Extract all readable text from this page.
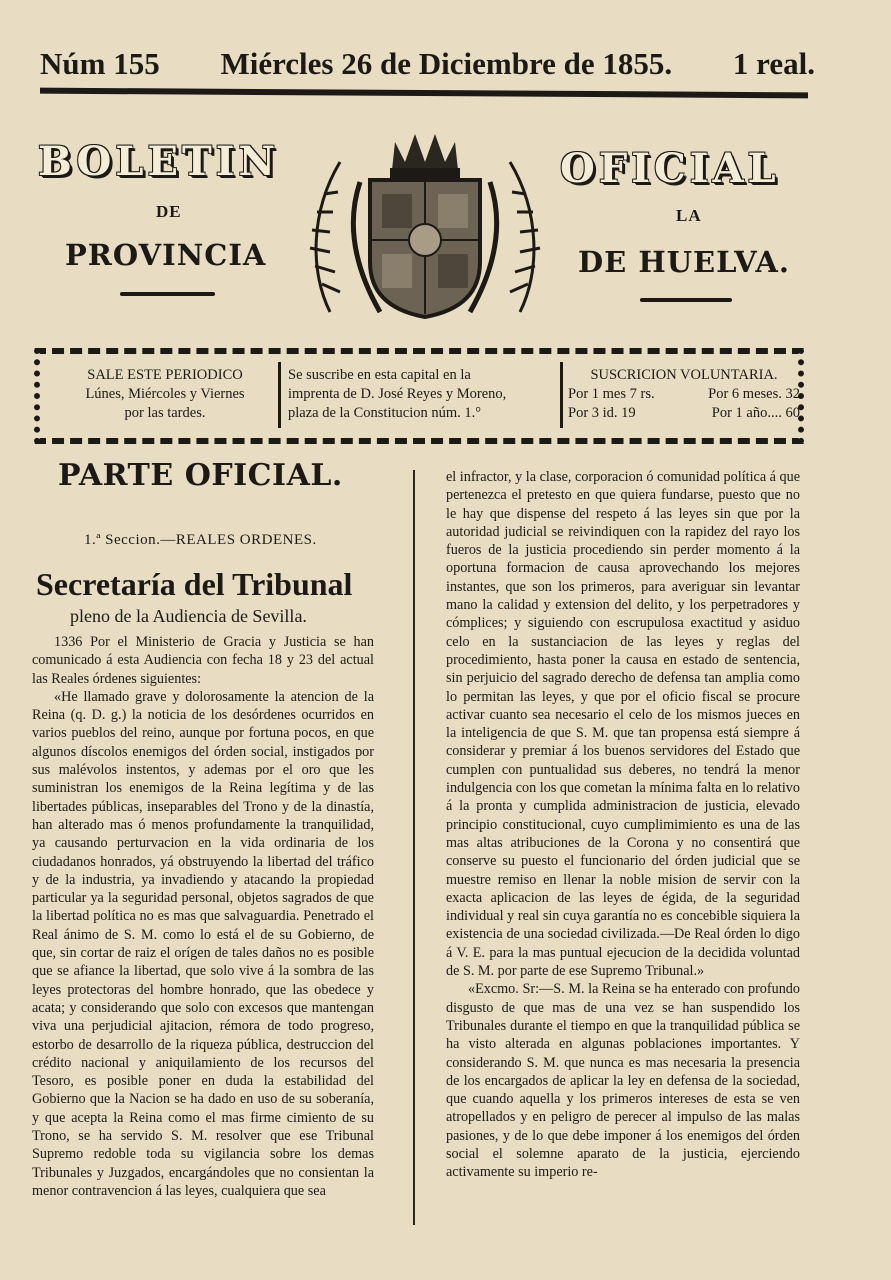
Núm 155	Miércles 26 de Diciembre de 1855.	1 real.
BOLETIN	OFICIAL
DE	LA
PROVINCIA	DE HUELVA.
SALE ESTE PERIODICO
Lúnes, Miércoles y Viernes
por las tardes.
Se suscribe en esta capital en la
imprenta de D. José Reyes y Moreno,
plaza de la Constitucion núm. 1.°
SUSCRICION VOLUNTARIA.
Por 1 mes 7 rs.	Por 6 meses. 32
Por 3 id. 19	Por 1 año.... 60
PARTE OFICIAL.
1.ª Seccion.—REALES ORDENES.
Secretaría del Tribunal
pleno de la Audiencia de Sevilla.

1336 Por el Ministerio de Gracia y Justicia se han comunicado á esta Audiencia con fecha 18 y 23 del actual las Reales órdenes siguientes:

«He llamado grave y dolorosamente la atencion de la Reina (q. D. g.) la noticia de los desórdenes ocurridos en varios pueblos del reino, aunque por fortuna pocos, en que algunos díscolos enemigos del órden social, instigados por sus malévolos instentos, y ademas por el oro que les suministran los enemigos de la Reina legítima y de las libertades públicas, inseparables del Trono y de la dinastía, han alterado mas ó menos profundamente la tranquilidad, ya causando perturvacion en la vida ordinaria de los ciudadanos honrados, yá obstruyendo la libertad del tráfico y de la industria, ya invadiendo y atacando la propiedad particular ya la seguridad personal, objetos sagrados de que la libertad política no es mas que salvaguardia. Penetrado el Real ánimo de S. M. como lo está el de su Gobierno, de que, sin cortar de raiz el orígen de tales daños no es posible que se afiance la libertad, que solo vive á la sombra de las leyes protectoras del hombre honrado, que las obedece y acata; y considerando que solo con excesos que mantengan viva una perjudicial ajitacion, rémora de todo progreso, estorbo de desarrollo de la riqueza pública, destruccion del crédito nacional y aniquilamiento de los recursos del Tesoro, es posible poner en duda la estabilidad del Gobierno que la Nacion se ha dado en uso de su soberanía, y que acepta la Reina como el mas firme cimiento de su Trono, se ha servido S. M. resolver que ese Tribunal Supremo redoble toda su vigilancia sobre los demas Tribunales y Juzgados, encargándoles que no consientan la menor contravencion á las leyes, cualquiera que sea

el infractor, y la clase, corporacion ó comunidad política á que pertenezca el pretesto en que quiera fundarse, puesto que no le hay que dispense del respeto á las leyes sin que por la autoridad judicial se reivindiquen con la rapidez del rayo los fueros de la justicia procediendo sin perder momento á la oportuna formacion de causa aprovechando los mejores instantes, que son los primeros, para averiguar sin levantar mano la calidad y extension del delito, y los perpetradores y cómplices; y siguiendo con escrupulosa exactitud y asiduo celo en la sustanciacion de las leyes y reglas del procedimiento, hasta poner la causa en estado de sentencia, sin perjuicio del sagrado derecho de defensa tan amplia como lo permitan las leyes, y que por el oficio fiscal se procure activar cuanto sea necesario el celo de los mismos jueces en la inteligencia de que S. M. que tan propensa está siempre á considerar y premiar á los buenos servidores del Estado que cumplen con puntualidad sus deberes, no tendrá la menor indulgencia con los que cometan la mínima falta en lo relativo á la pronta y cumplida administracion de justicia, elevado principio constitucional, cuyo cumplimimiento es una de las mas altas atribuciones de la Corona y no consentirá que conserve su puesto el funcionario del órden judicial que se muestre remiso en llenar la noble mision de servir con la exacta aplicacion de las leyes de égida, de la seguridad individual y real sin cuya garantía no es concebible siquiera la existencia de una sociedad civilizada.—De Real órden lo digo á V. E. para la mas puntual ejecucion de la decidida voluntad de S. M. por parte de ese Supremo Tribunal.»

«Excmo. Sr:—S. M. la Reina se ha enterado con profundo disgusto de que mas de una vez se han suspendido los Tribunales durante el tiempo en que la tranquilidad pública se ha visto alterada en algunas poblaciones importantes. Y considerando S. M. que nunca es mas necesaria la presencia de los encargados de aplicar la ley en defensa de la sociedad, que cuando aquella y los primeros intereses de esta se ven atropellados y en peligro de perecer al impulso de las malas pasiones, y de lo que debe imponer á los enemigos del órden social el solemne aparato de la justicia, ejerciendo activamente su imperio re-
